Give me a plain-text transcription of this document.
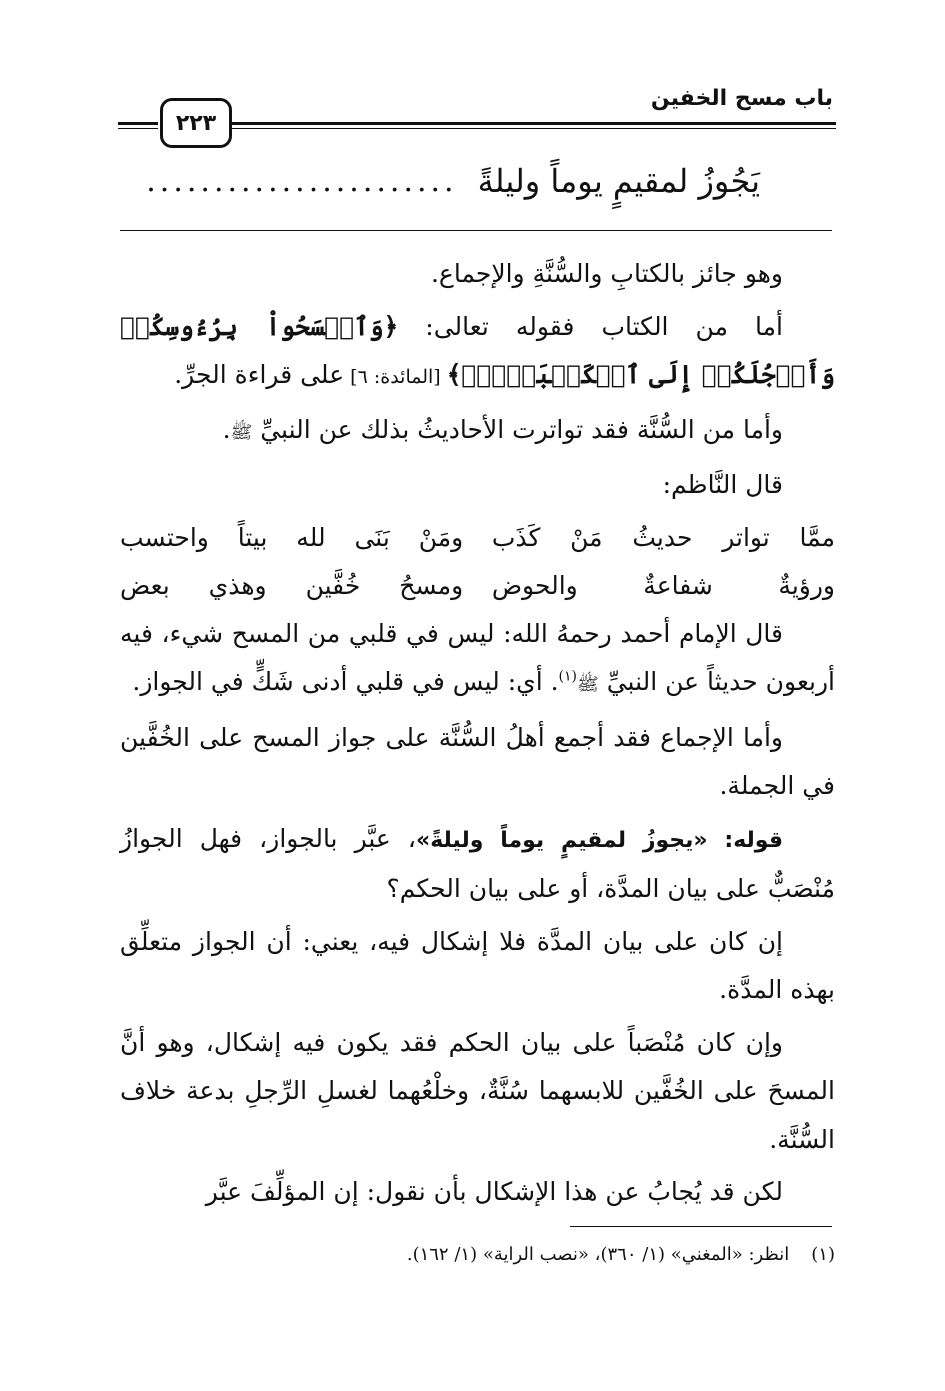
باب مسح الخفين
٢٢٣
يَجُوزُ لمقيمٍ يوماً وليلةً
.......................

وهو جائز بالكتابِ والسُّنَّةِ والإجماع.

أما من الكتاب فقوله تعالى: ﴿وَٱمۡسَحُواْ بِرُءُوسِكُمۡ وَأَرۡجُلَكُمۡ إِلَى ٱلۡكَعۡبَيۡنِۚ﴾ [المائدة: ٦] على قراءة الجرِّ.

وأما من السُّنَّة فقد تواترت الأحاديثُ بذلك عن النبيِّ ﷺ.

قال النَّاظم:

ممَّا تواتر حديثُ مَنْ كَذَب
ومَنْ بَنَى لله بيتاً واحتسب
ورؤيةٌ شفاعةٌ والحوض
ومسحُ خُفَّين وهذي بعض

قال الإمام أحمد رحمهُ الله: ليس في قلبي من المسح شيء، فيه أربعون حديثاً عن النبيِّ ﷺ$^{(١)}$. أي: ليس في قلبي أدنى شَكٍّ في الجواز.

وأما الإجماع فقد أجمع أهلُ السُّنَّة على جواز المسح على الخُفَّين في الجملة.

قوله: «يجوزُ لمقيمٍ يوماً وليلةً»، عبَّر بالجواز، فهل الجوازُ مُنْصَبٌّ على بيان المدَّة، أو على بيان الحكم؟

إن كان على بيان المدَّة فلا إشكال فيه، يعني: أن الجواز متعلِّق بهذه المدَّة.

وإن كان مُنْصَباً على بيان الحكم فقد يكون فيه إشكال، وهو أنَّ المسحَ على الخُفَّين للابسهما سُنَّةٌ، وخلْعُهما لغسلِ الرِّجلِ بدعة خلاف السُّنَّة.

لكن قد يُجابُ عن هذا الإشكال بأن نقول: إن المؤلِّفَ عبَّر

(١)انظر: «المغني» (١/ ٣٦٠)، «نصب الراية» (١/ ١٦٢).
